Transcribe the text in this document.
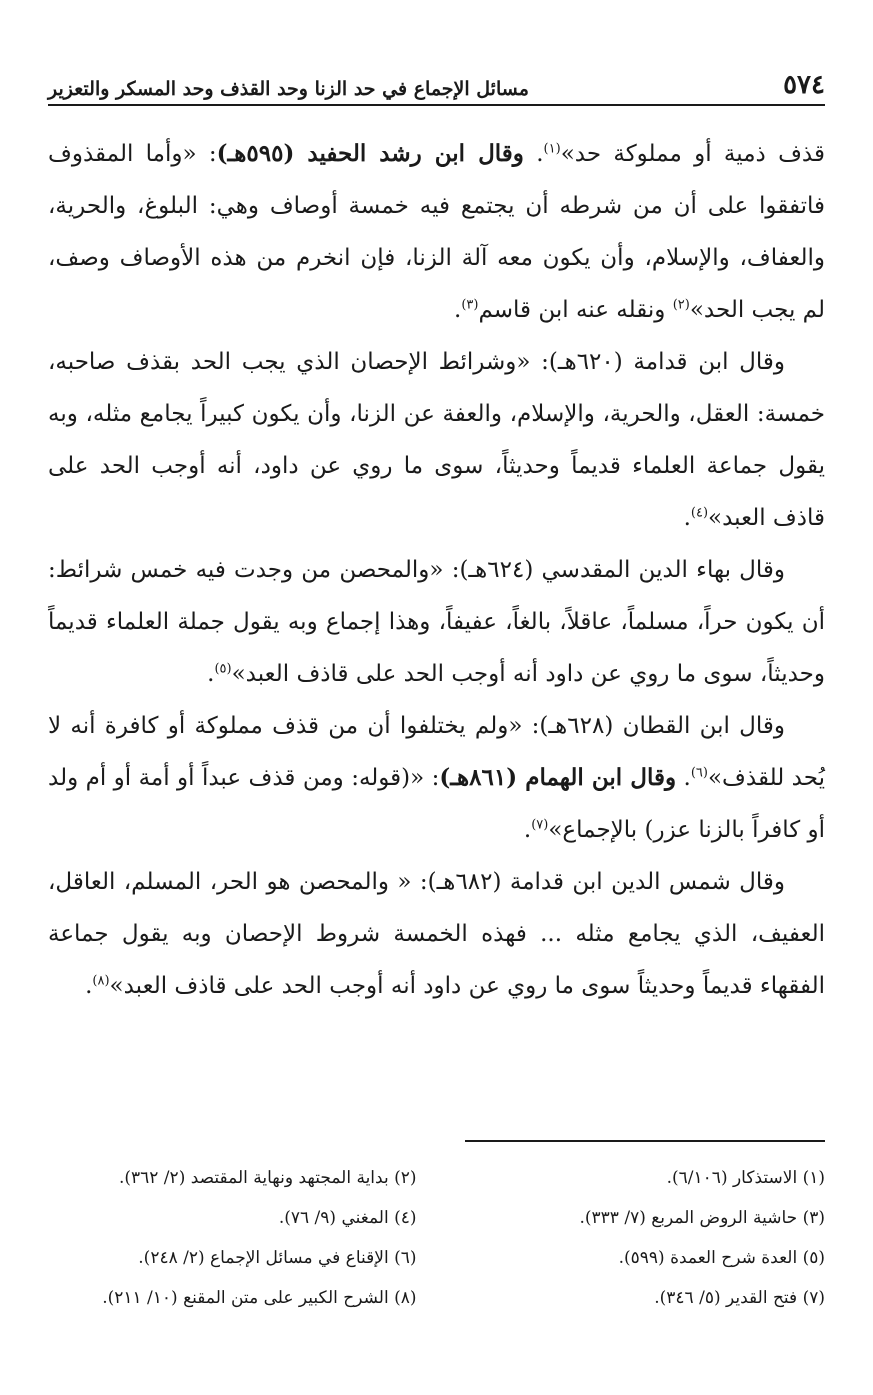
٥٧٤
مسائل الإجماع في حد الزنا وحد القذف وحد المسكر والتعزير

قذف ذمية أو مملوكة حد»$^{(١)}$. وقال ابن رشد الحفيد (٥٩٥هـ): «وأما المقذوف فاتفقوا على أن من شرطه أن يجتمع فيه خمسة أوصاف وهي: البلوغ، والحرية، والعفاف، والإسلام، وأن يكون معه آلة الزنا، فإن انخرم من هذه الأوصاف وصف، لم يجب الحد»$^{(٢)}$ ونقله عنه ابن قاسم$^{(٣)}$.

وقال ابن قدامة (٦٢٠هـ): «وشرائط الإحصان الذي يجب الحد بقذف صاحبه، خمسة: العقل، والحرية، والإسلام، والعفة عن الزنا، وأن يكون كبيراً يجامع مثله، وبه يقول جماعة العلماء قديماً وحديثاً، سوى ما روي عن داود، أنه أوجب الحد على قاذف العبد»$^{(٤)}$.

وقال بهاء الدين المقدسي (٦٢٤هـ): «والمحصن من وجدت فيه خمس شرائط: أن يكون حراً، مسلماً، عاقلاً، بالغاً، عفيفاً، وهذا إجماع وبه يقول جملة العلماء قديماً وحديثاً، سوى ما روي عن داود أنه أوجب الحد على قاذف العبد»$^{(٥)}$.

وقال ابن القطان (٦٢٨هـ): «ولم يختلفوا أن من قذف مملوكة أو كافرة أنه لا يُحد للقذف»$^{(٦)}$. وقال ابن الهمام (٨٦١هـ): «(قوله: ومن قذف عبداً أو أمة أو أم ولد أو كافراً بالزنا عزر) بالإجماع»$^{(٧)}$.

وقال شمس الدين ابن قدامة (٦٨٢هـ): « والمحصن هو الحر، المسلم، العاقل، العفيف، الذي يجامع مثله ... فهذه الخمسة شروط الإحصان وبه يقول جماعة الفقهاء قديماً وحديثاً سوى ما روي عن داود أنه أوجب الحد على قاذف العبد»$^{(٨)}$.

(١) الاستذكار (٦/١٠٦).
(٢) بداية المجتهد ونهاية المقتصد (٢/ ٣٦٢).
(٣) حاشية الروض المربع (٧/ ٣٣٣).
(٤) المغني (٩/ ٧٦).
(٥) العدة شرح العمدة (٥٩٩).
(٦) الإقناع في مسائل الإجماع (٢/ ٢٤٨).
(٧) فتح القدير (٥/ ٣٤٦).
(٨) الشرح الكبير على متن المقنع (١٠/ ٢١١).
